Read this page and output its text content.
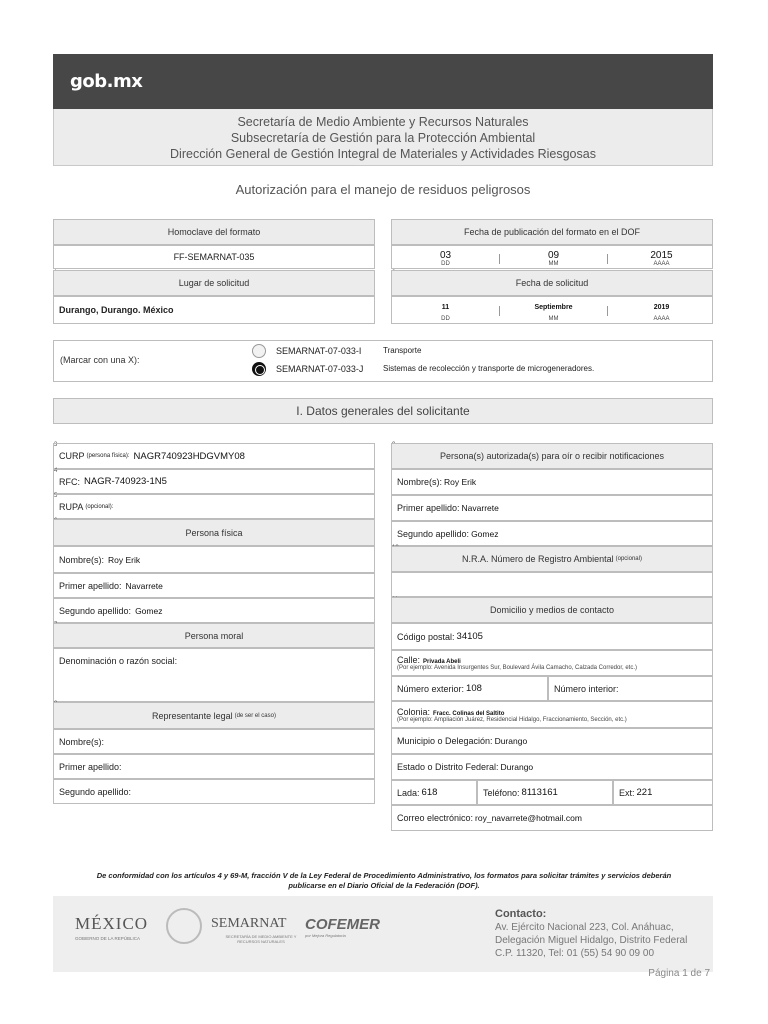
gob.mx
Secretaría de Medio Ambiente y Recursos Naturales
Subsecretaría de Gestión para la Protección Ambiental
Dirección General de Gestión Integral de Materiales y Actividades Riesgosas
Autorización para el manejo de residuos peligrosos
Homoclave del formato
FF-SEMARNAT-035
Fecha de publicación del formato en el DOF
03
DD
09
MM
2015
AAAA
Lugar de solicitud
Durango, Durango. México
Fecha de solicitud
11
DD
Septiembre
MM
2019
AAAA
(Marcar con una X):
SEMARNAT-07-033-I	Transporte
SEMARNAT-07-033-J Sistemas de recolección y transporte de microgeneradores.
I. Datos generales del solicitante
3
CURP (persona física): NAGR740923HDGVMY08
4
RFC: NAGR-740923-1N5
5
RUPA (opcional):
Persona física
Nombre(s): Roy Erik
Primer apellido: Navarrete
Segundo apellido: Gomez
Persona moral
Denominación o razón social:
Representante legal (de ser el caso)
Nombre(s):
Primer apellido:
Segundo apellido:
Persona(s) autorizada(s) para oír o recibir notificaciones
Nombre(s): Roy Erik
Primer apellido: Navarrete
Segundo apellido: Gomez
N.R.A. Número de Registro Ambiental (opcional)
Domicilio y medios de contacto
Código postal: 34105
Calle: Privada Abeli
(Por ejemplo: Avenida Insurgentes Sur, Boulevard Ávila Camacho, Calzada Corredor, etc.)
Número exterior: 108	Número interior:
Colonia: Fracc. Colinas del Saltito
(Por ejemplo: Ampliación Juárez, Residencial Hidalgo, Fraccionamiento, Sección, etc.)
Municipio o Delegación: Durango
Estado o Distrito Federal: Durango
Lada: 618	Teléfono: 8113161	Ext: 221
Correo electrónico: roy_navarrete@hotmail.com
De conformidad con los artículos 4 y 69-M, fracción V de la Ley Federal de Procedimiento Administrativo, los formatos para solicitar trámites y servicios deberán
publicarse en el Diario Oficial de la Federación (DOF).
MÉXICO
GOBIERNO DE LA REPÚBLICA
SEMARNAT
SECRETARÍA DE MEDIO AMBIENTE Y RECURSOS NATURALES
COFEMER
por Mejora Regulatoria
Contacto:
Av. Ejército Nacional 223, Col. Anáhuac,
Delegación Miguel Hidalgo, Distrito Federal
C.P. 11320, Tel: 01 (55) 54 90 09 00
Página 1 de 7
